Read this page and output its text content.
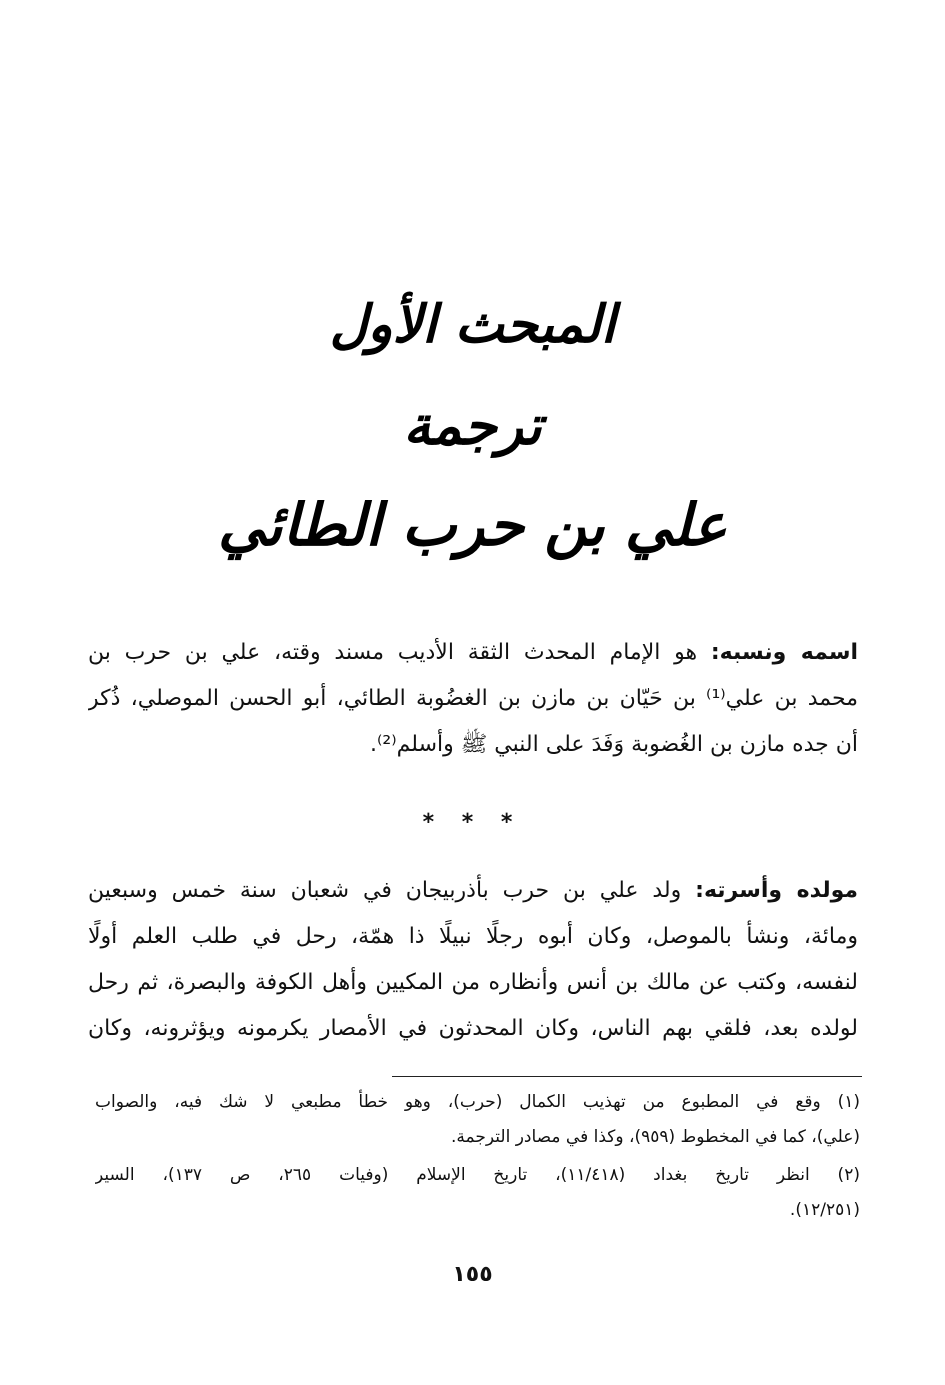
المبحث الأول
ترجمة
علي بن حرب الطائي
اسمه ونسبه: هو الإمام المحدث الثقة الأديب مسند وقته، علي بن حرب بن
محمد بن علي⁽¹⁾ بن حَيّان بن مازن بن الغضُوبة الطائي، أبو الحسن الموصلي، ذُكر
أن جده مازن بن الغُضوبة وَفَدَ على النبي ﷺ وأسلم⁽²⁾.
* * *
مولده وأسرته: ولد علي بن حرب بأذربيجان في شعبان سنة خمس وسبعين
ومائة، ونشأ بالموصل، وكان أبوه رجلًا نبيلًا ذا همّة، رحل في طلب العلم أولًا
لنفسه، وكتب عن مالك بن أنس وأنظاره من المكيين وأهل الكوفة والبصرة، ثم رحل
لولده بعد، فلقي بهم الناس، وكان المحدثون في الأمصار يكرمونه ويؤثرونه، وكان
(١) وقع في المطبوع من تهذيب الكمال (حرب)، وهو خطأ مطبعي لا شك فيه، والصواب
(علي)، كما في المخطوط (٩٥٩)، وكذا في مصادر الترجمة.
(٢) انظر تاريخ بغداد (١١/٤١٨)، تاريخ الإسلام (وفيات ٢٦٥، ص ١٣٧)، السير
(١٢/٢٥١).
١٥٥
